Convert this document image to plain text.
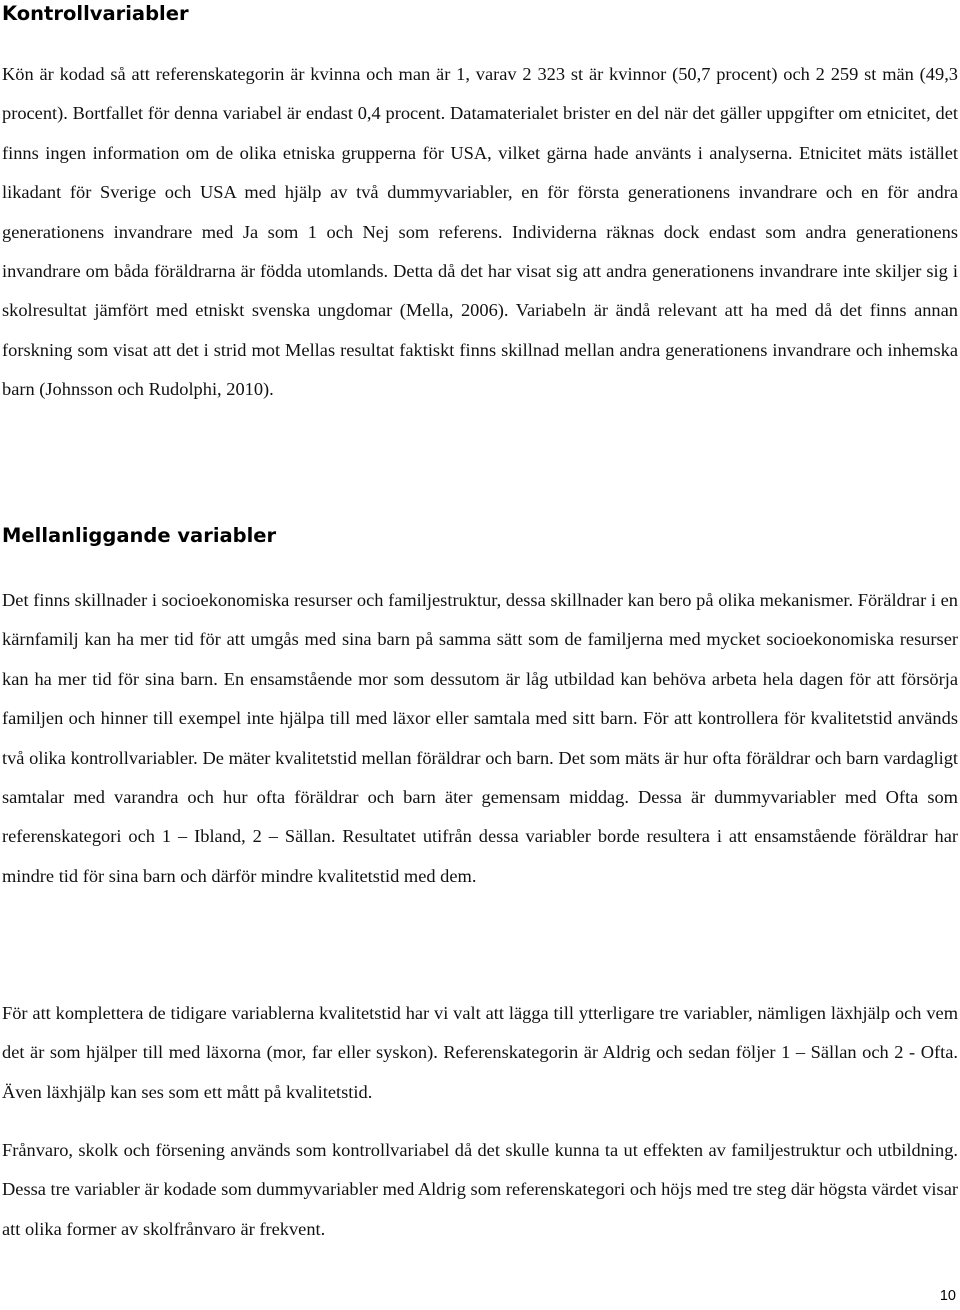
Kontrollvariabler

Kön är kodad så att referenskategorin är kvinna och man är 1, varav 2 323 st är kvinnor (50,7 procent) och 2 259 st män (49,3 procent). Bortfallet för denna variabel är endast 0,4 procent. Datamaterialet brister en del när det gäller uppgifter om etnicitet, det finns ingen information om de olika etniska grupperna för USA, vilket gärna hade använts i analyserna. Etnicitet mäts istället likadant för Sverige och USA med hjälp av två dummyvariabler, en för första generationens invandrare och en för andra generationens invandrare med Ja som 1 och Nej som referens. Individerna räknas dock endast som andra generationens invandrare om båda föräldrarna är födda utomlands. Detta då det har visat sig att andra generationens invandrare inte skiljer sig i skolresultat jämfört med etniskt svenska ungdomar (Mella, 2006). Variabeln är ändå relevant att ha med då det finns annan forskning som visat att det i strid mot Mellas resultat faktiskt finns skillnad mellan andra generationens invandrare och inhemska barn (Johnsson och Rudolphi, 2010).

Mellanliggande variabler

Det finns skillnader i socioekonomiska resurser och familjestruktur, dessa skillnader kan bero på olika mekanismer. Föräldrar i en kärnfamilj kan ha mer tid för att umgås med sina barn på samma sätt som de familjerna med mycket socioekonomiska resurser kan ha mer tid för sina barn. En ensamstående mor som dessutom är låg utbildad kan behöva arbeta hela dagen för att försörja familjen och hinner till exempel inte hjälpa till med läxor eller samtala med sitt barn. För att kontrollera för kvalitetstid används två olika kontrollvariabler. De mäter kvalitetstid mellan föräldrar och barn. Det som mäts är hur ofta föräldrar och barn vardagligt samtalar med varandra och hur ofta föräldrar och barn äter gemensam middag. Dessa är dummyvariabler med Ofta som referenskategori och 1 – Ibland, 2 – Sällan. Resultatet utifrån dessa variabler borde resultera i att ensamstående föräldrar har mindre tid för sina barn och därför mindre kvalitetstid med dem.

För att komplettera de tidigare variablerna kvalitetstid har vi valt att lägga till ytterligare tre variabler, nämligen läxhjälp och vem det är som hjälper till med läxorna (mor, far eller syskon). Referenskategorin är Aldrig och sedan följer 1 – Sällan och 2 - Ofta. Även läxhjälp kan ses som ett mått på kvalitetstid.

Frånvaro, skolk och försening används som kontrollvariabel då det skulle kunna ta ut effekten av familjestruktur och utbildning. Dessa tre variabler är kodade som dummyvariabler med Aldrig som referenskategori och höjs med tre steg där högsta värdet visar att olika former av skolfrånvaro är frekvent.

10
